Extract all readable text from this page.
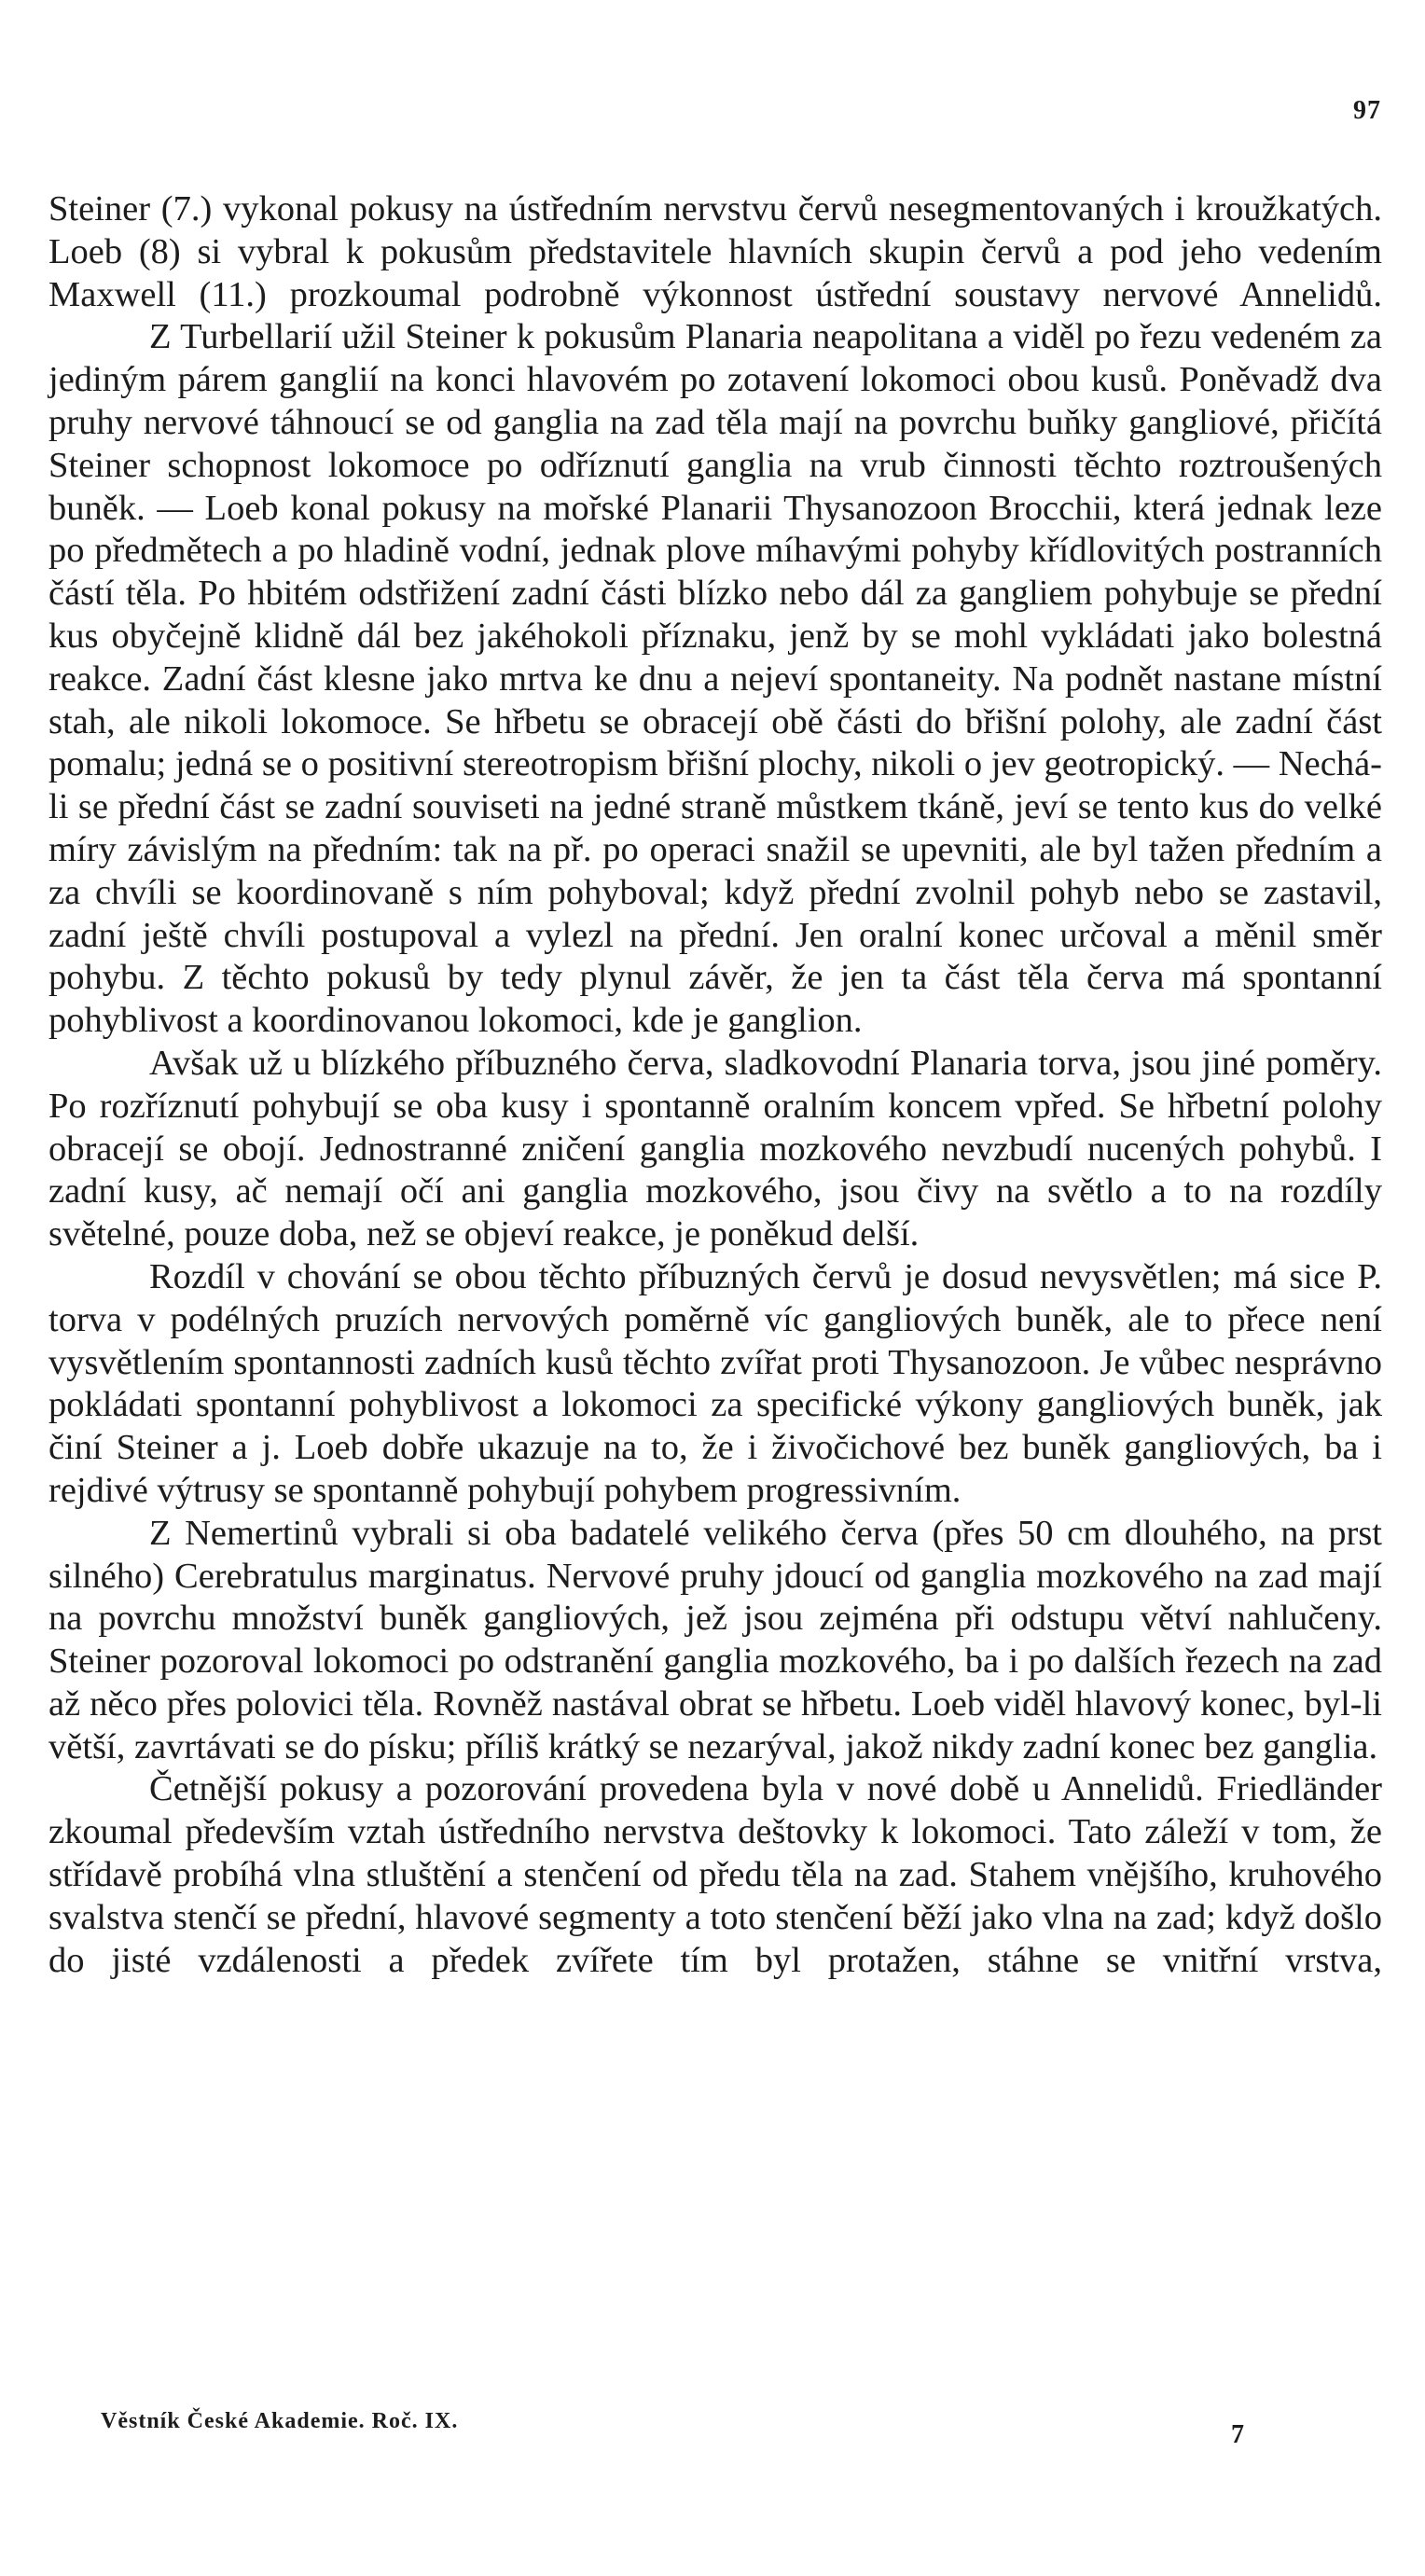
97

Steiner (7.) vykonal pokusy na ústředním nervstvu červů nesegmentovaných i kroužkatých. Loeb (8) si vybral k pokusům představitele hlavních skupin červů a pod jeho vedením Maxwell (11.) prozkoumal podrobně výkonnost ústřední soustavy nervové Annelidů.

Z Turbellarií užil Steiner k pokusům Planaria neapolitana a viděl po řezu vedeném za jediným párem ganglií na konci hlavovém po zotavení lokomoci obou kusů. Poněvadž dva pruhy nervové táhnoucí se od ganglia na zad těla mají na povrchu buňky gangliové, přičítá Steiner schopnost lokomoce po odříznutí ganglia na vrub činnosti těchto roztroušených buněk. — Loeb konal pokusy na mořské Planarii Thysanozoon Brocchii, která jednak leze po předmětech a po hladině vodní, jednak plove míhavými pohyby křídlovitých postranních částí těla. Po hbitém odstřižení zadní části blízko nebo dál za gangliem pohybuje se přední kus obyčejně klidně dál bez jakéhokoli příznaku, jenž by se mohl vykládati jako bolestná reakce. Zadní část klesne jako mrtva ke dnu a nejeví spontaneity. Na podnět nastane místní stah, ale nikoli lokomoce. Se hřbetu se obracejí obě části do břišní polohy, ale zadní část pomalu; jedná se o positivní stereotropism břišní plochy, nikoli o jev geotropický. — Nechá-li se přední část se zadní souviseti na jedné straně můstkem tkáně, jeví se tento kus do velké míry závislým na předním: tak na př. po operaci snažil se upevniti, ale byl tažen předním a za chvíli se koordinovaně s ním pohyboval; když přední zvolnil pohyb nebo se zastavil, zadní ještě chvíli postupoval a vylezl na přední. Jen oralní konec určoval a měnil směr pohybu. Z těchto pokusů by tedy plynul závěr, že jen ta část těla červa má spontanní pohyblivost a koordinovanou lokomoci, kde je ganglion.

Avšak už u blízkého příbuzného červa, sladkovodní Planaria torva, jsou jiné poměry. Po rozříznutí pohybují se oba kusy i spontanně oralním koncem vpřed. Se hřbetní polohy obracejí se obojí. Jednostranné zničení ganglia mozkového nevzbudí nucených pohybů. I zadní kusy, ač nemají očí ani ganglia mozkového, jsou čivy na světlo a to na rozdíly světelné, pouze doba, než se objeví reakce, je poněkud delší.

Rozdíl v chování se obou těchto příbuzných červů je dosud nevysvětlen; má sice P. torva v podélných pruzích nervových poměrně víc gangliových buněk, ale to přece není vysvětlením spontannosti zadních kusů těchto zvířat proti Thysanozoon. Je vůbec nesprávno pokládati spontanní pohyblivost a lokomoci za specifické výkony gangliových buněk, jak činí Steiner a j. Loeb dobře ukazuje na to, že i živočichové bez buněk gangliových, ba i rejdivé výtrusy se spontanně pohybují pohybem progressivním.

Z Nemertinů vybrali si oba badatelé velikého červa (přes 50 cm dlouhého, na prst silného) Cerebratulus marginatus. Nervové pruhy jdoucí od ganglia mozkového na zad mají na povrchu množství buněk gangliových, jež jsou zejména při odstupu větví nahlučeny. Steiner pozoroval lokomoci po odstranění ganglia mozkového, ba i po dalších řezech na zad až něco přes polovici těla. Rovněž nastával obrat se hřbetu. Loeb viděl hlavový konec, byl-li větší, zavrtávati se do písku; příliš krátký se nezarýval, jakož nikdy zadní konec bez ganglia.

Četnější pokusy a pozorování provedena byla v nové době u Annelidů. Friedländer zkoumal především vztah ústředního nervstva deštovky k lokomoci. Tato záleží v tom, že střídavě probíhá vlna stluštění a stenčení od předu těla na zad. Stahem vnějšího, kruhového svalstva stenčí se přední, hlavové segmenty a toto stenčení běží jako vlna na zad; když došlo do jisté vzdálenosti a předek zvířete tím byl protažen, stáhne se vnitřní vrstva,

Věstník České Akademie. Roč. IX.	7
